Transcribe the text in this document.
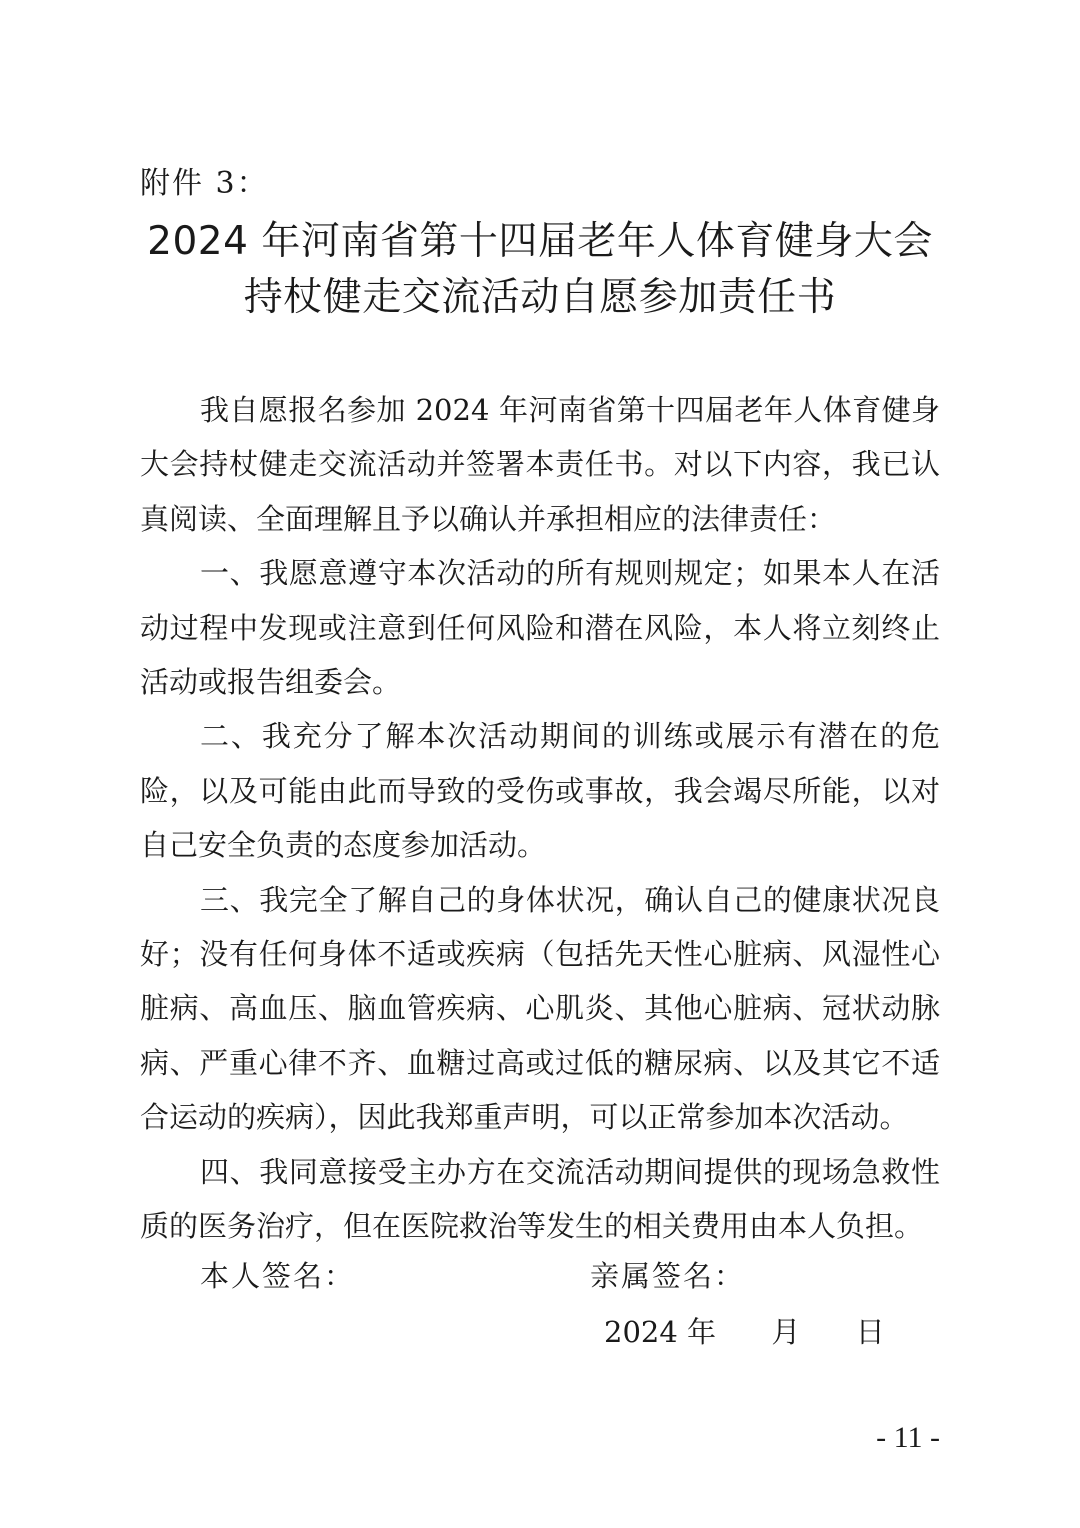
附件 3：
2024 年河南省第十四届老年人体育健身大会
持杖健走交流活动自愿参加责任书

我自愿报名参加 2024 年河南省第十四届老年人体育健身大会持杖健走交流活动并签署本责任书。对以下内容，我已认真阅读、全面理解且予以确认并承担相应的法律责任：

一、我愿意遵守本次活动的所有规则规定；如果本人在活动过程中发现或注意到任何风险和潜在风险，本人将立刻终止活动或报告组委会。

二、我充分了解本次活动期间的训练或展示有潜在的危险，以及可能由此而导致的受伤或事故，我会竭尽所能，以对自己安全负责的态度参加活动。

三、我完全了解自己的身体状况，确认自己的健康状况良好；没有任何身体不适或疾病（包括先天性心脏病、风湿性心脏病、高血压、脑血管疾病、心肌炎、其他心脏病、冠状动脉病、严重心律不齐、血糖过高或过低的糖尿病、以及其它不适合运动的疾病），因此我郑重声明，可以正常参加本次活动。

四、我同意接受主办方在交流活动期间提供的现场急救性质的医务治疗，但在医院救治等发生的相关费用由本人负担。

本人签名：	亲属签名：
2024 年 月 日
- 11 -
